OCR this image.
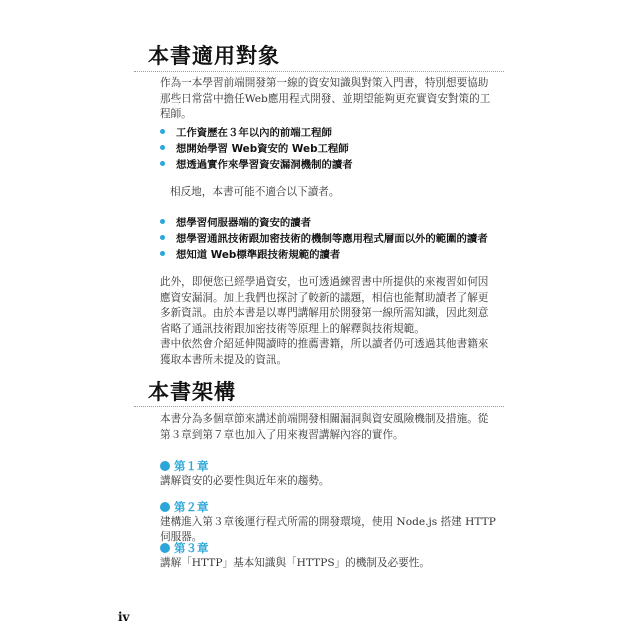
本書適用對象

作為一本學習前端開發第一線的資安知識與對策入門書，特別想要協助那些日常當中擔任Web應用程式開發、並期望能夠更充實資安對策的工程師。

工作資歷在３年以內的前端工程師
想開始學習 Web資安的 Web工程師
想透過實作來學習資安漏洞機制的讀者

相反地，本書可能不適合以下讀者。

想學習伺服器端的資安的讀者
想學習通訊技術跟加密技術的機制等應用程式層面以外的範圍的讀者
想知道 Web標準跟技術規範的讀者

此外，即便您已經學過資安，也可透過練習書中所提供的來複習如何因應資安漏洞。加上我們也探討了較新的議題，相信也能幫助讀者了解更多新資訊。由於本書是以專門講解用於開發第一線所需知識，因此刻意省略了通訊技術跟加密技術等原理上的解釋與技術規範。

書中依然會介紹延伸閱讀時的推薦書籍，所以讀者仍可透過其他書籍來獲取本書所未提及的資訊。

本書架構

本書分為多個章節來講述前端開發相關漏洞與資安風險機制及措施。從第３章到第７章也加入了用來複習講解內容的實作。

第１章
講解資安的必要性與近年來的趨勢。
第２章
建構進入第３章後運行程式所需的開發環境，使用 Node.js 搭建 HTTP伺服器。
第３章
講解「HTTP」基本知識與「HTTPS」的機制及必要性。
iv
